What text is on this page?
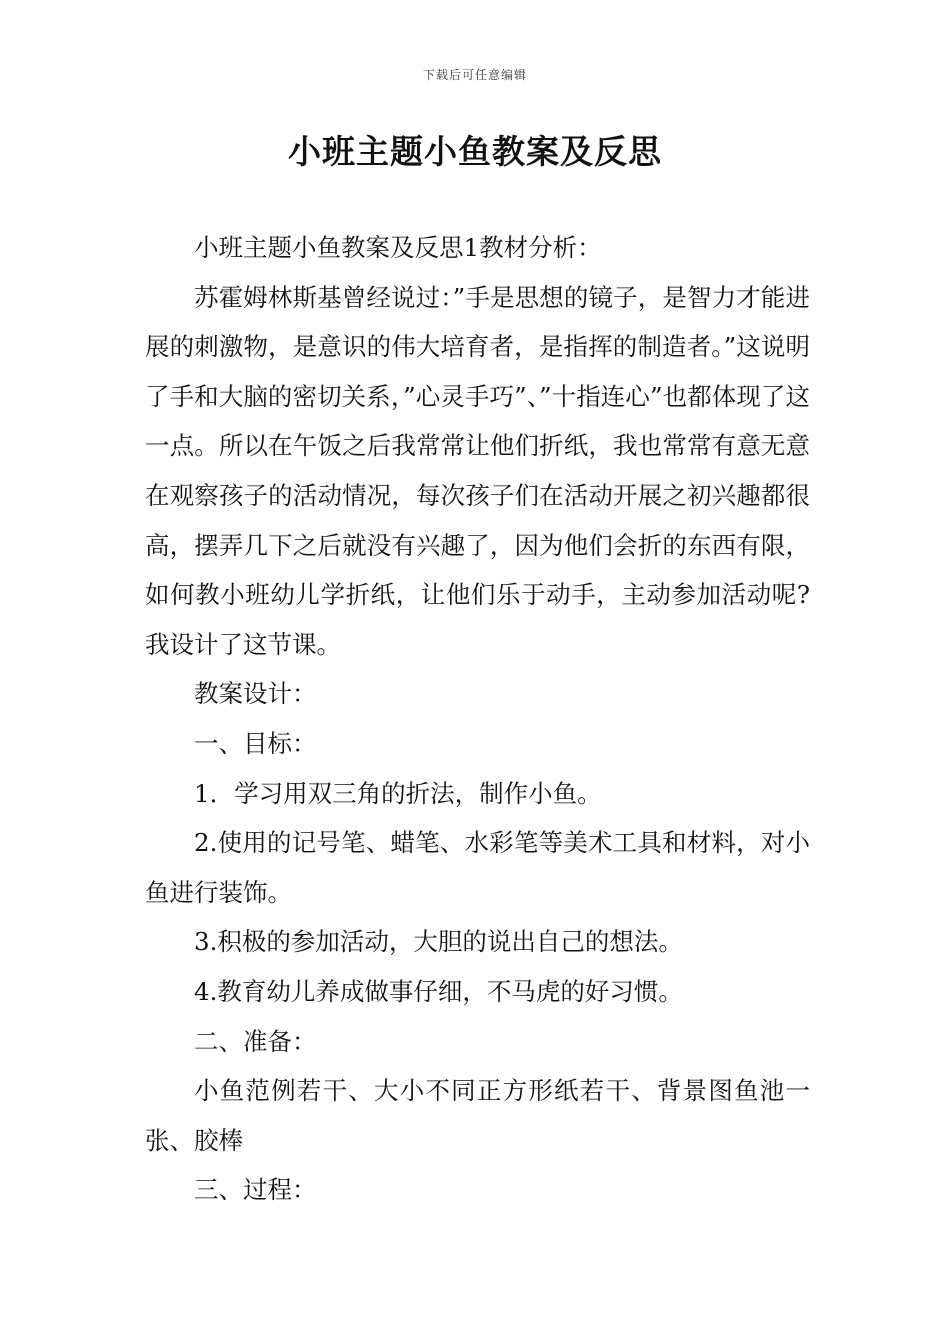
下载后可任意编辑
小班主题小鱼教案及反思

小班主题小鱼教案及反思1教材分析：

苏霍姆林斯基曾经说过：”手是思想的镜子，是智力才能进展的刺激物，是意识的伟大培育者，是指挥的制造者。”这说明了手和大脑的密切关系，”心灵手巧”、”十指连心”也都体现了这一点。所以在午饭之后我常常让他们折纸，我也常常有意无意在观察孩子的活动情况，每次孩子们在活动开展之初兴趣都很高，摆弄几下之后就没有兴趣了，因为他们会折的东西有限，如何教小班幼儿学折纸，让他们乐于动手，主动参加活动呢?我设计了这节课。

教案设计：

一、目标：

1．学习用双三角的折法，制作小鱼。

2.使用的记号笔、蜡笔、水彩笔等美术工具和材料，对小鱼进行装饰。

3.积极的参加活动，大胆的说出自己的想法。

4.教育幼儿养成做事仔细，不马虎的好习惯。

二、准备：

小鱼范例若干、大小不同正方形纸若干、背景图鱼池一张、胶棒

三、过程：
